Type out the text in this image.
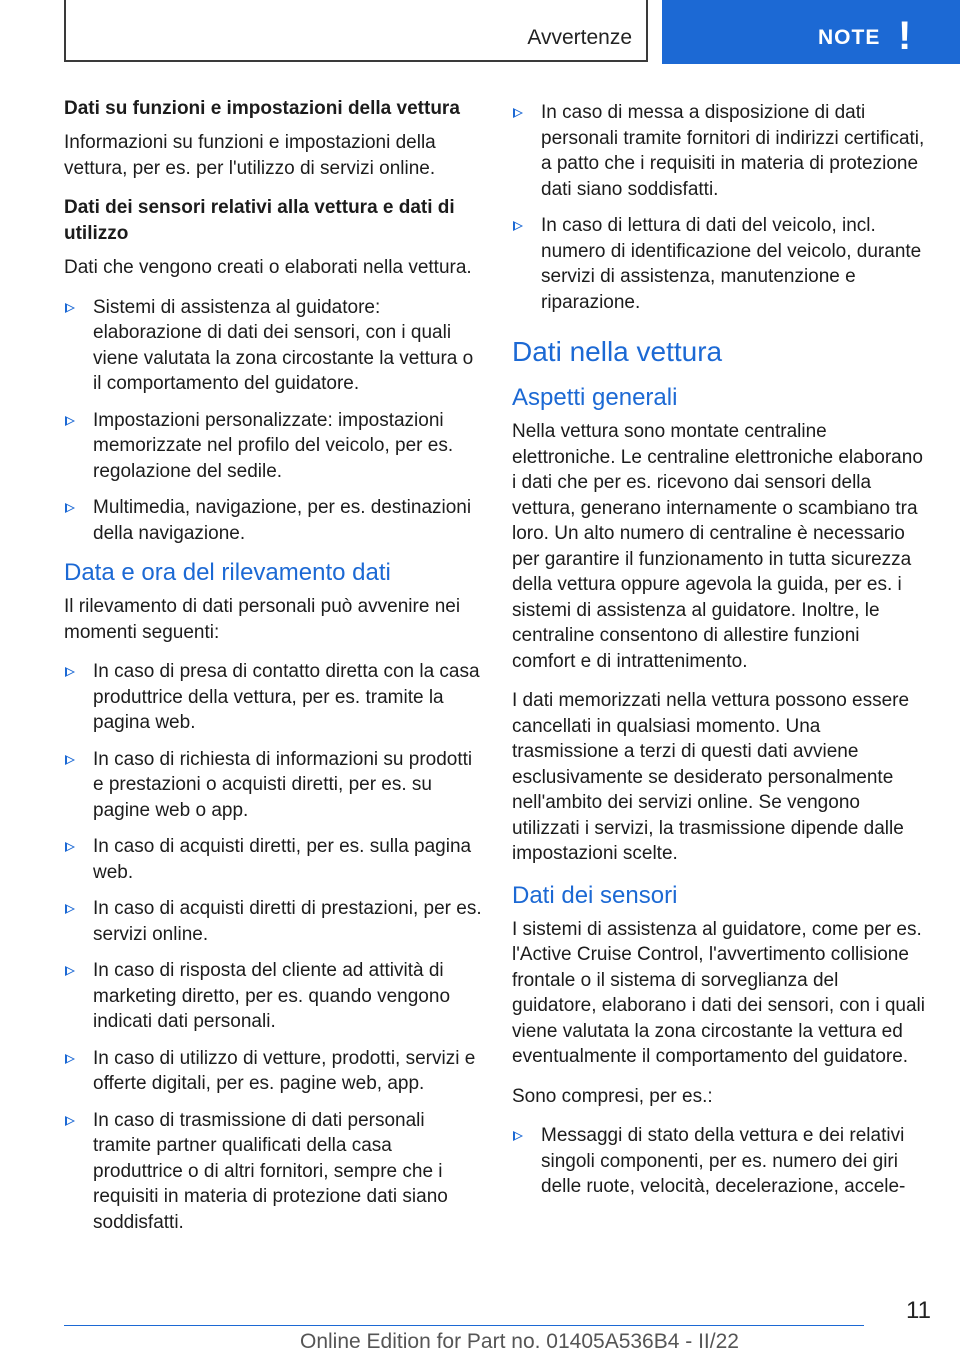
Avvertenze	NOTE !
Dati su funzioni e impostazioni della vettura

Informazioni su funzioni e impostazioni della vettura, per es. per l'utilizzo di servizi online.

Dati dei sensori relativi alla vettura e dati di utilizzo

Dati che vengono creati o elaborati nella vettura.

Sistemi di assistenza al guidatore: elaborazione di dati dei sensori, con i quali viene valutata la zona circostante la vettura o il comportamento del guidatore.
Impostazioni personalizzate: impostazioni memorizzate nel profilo del veicolo, per es. regolazione del sedile.
Multimedia, navigazione, per es. destinazioni della navigazione.
Data e ora del rilevamento dati

Il rilevamento di dati personali può avvenire nei momenti seguenti:

In caso di presa di contatto diretta con la casa produttrice della vettura, per es. tramite la pagina web.
In caso di richiesta di informazioni su prodotti e prestazioni o acquisti diretti, per es. su pagine web o app.
In caso di acquisti diretti, per es. sulla pagina web.
In caso di acquisti diretti di prestazioni, per es. servizi online.
In caso di risposta del cliente ad attività di marketing diretto, per es. quando vengono indicati dati personali.
In caso di utilizzo di vetture, prodotti, servizi e offerte digitali, per es. pagine web, app.
In caso di trasmissione di dati personali tramite partner qualificati della casa produttrice o di altri fornitori, sempre che i requisiti in materia di protezione dati siano soddisfatti.
In caso di messa a disposizione di dati personali tramite fornitori di indirizzi certificati, a patto che i requisiti in materia di protezione dati siano soddisfatti.
In caso di lettura di dati del veicolo, incl. numero di identificazione del veicolo, durante servizi di assistenza, manutenzione e riparazione.
Dati nella vettura
Aspetti generali

Nella vettura sono montate centraline elettroniche. Le centraline elettroniche elaborano i dati che per es. ricevono dai sensori della vettura, generano internamente o scambiano tra loro. Un alto numero di centraline è necessario per garantire il funzionamento in tutta sicurezza della vettura oppure agevola la guida, per es. i sistemi di assistenza al guidatore. Inoltre, le centraline consentono di allestire funzioni comfort e di intrattenimento.

I dati memorizzati nella vettura possono essere cancellati in qualsiasi momento. Una trasmissione a terzi di questi dati avviene esclusivamente se desiderato personalmente nell'ambito dei servizi online. Se vengono utilizzati i servizi, la trasmissione dipende dalle impostazioni scelte.

Dati dei sensori

I sistemi di assistenza al guidatore, come per es. l'Active Cruise Control, l'avvertimento collisione frontale o il sistema di sorveglianza del guidatore, elaborano i dati dei sensori, con i quali viene valutata la zona circostante la vettura ed eventualmente il comportamento del guidatore.

Sono compresi, per es.:

Messaggi di stato della vettura e dei relativi singoli componenti, per es. numero dei giri delle ruote, velocità, decelerazione, accele-
11
Online Edition for Part no. 01405A536B4 - II/22
